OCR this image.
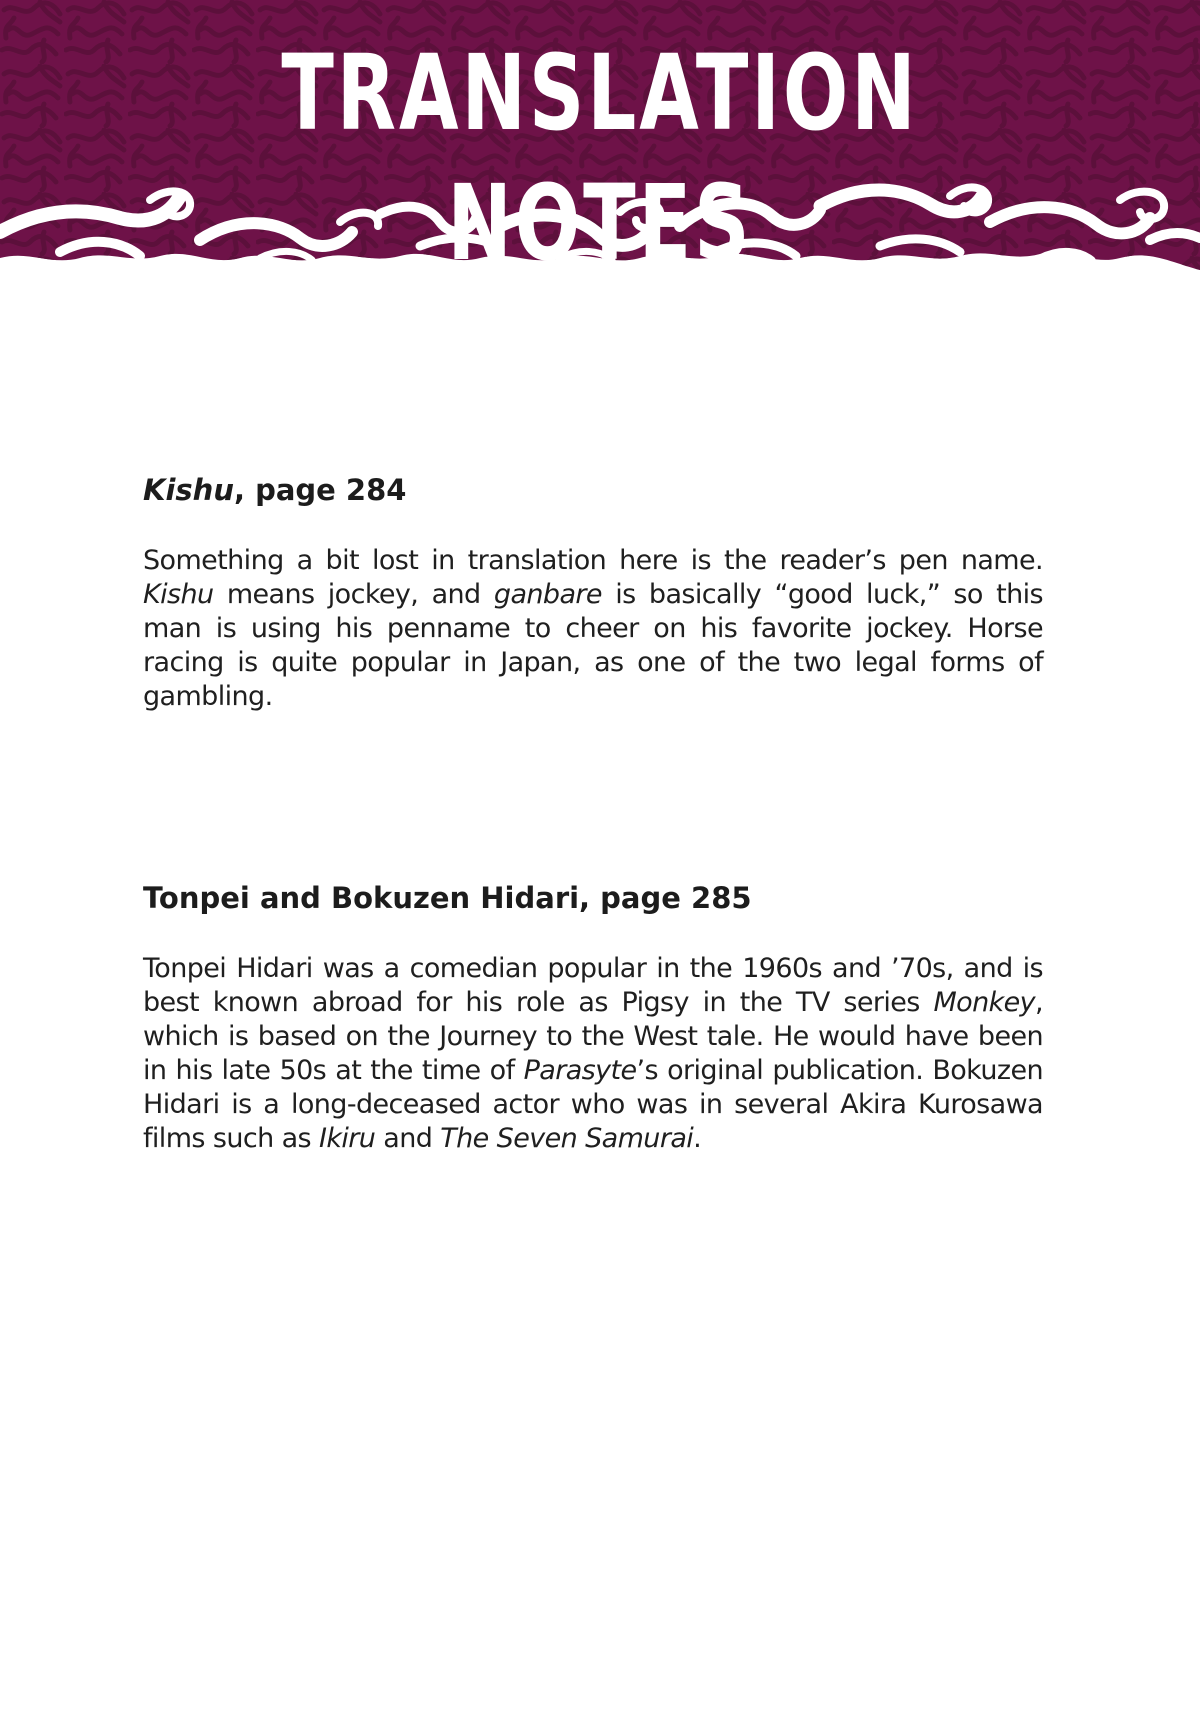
TRANSLATION NOTES
Kishu, page 284

Something a bit lost in translation here is the reader’s pen name. Kishu means jockey, and ganbare is basically “good luck,” so this man is using his penname to cheer on his favorite jockey. Horse racing is quite popular in Japan, as one of the two legal forms of gambling.

Tonpei and Bokuzen Hidari, page 285

Tonpei Hidari was a comedian popular in the 1960s and ’70s, and is best known abroad for his role as Pigsy in the TV series Monkey, which is based on the Journey to the West tale. He would have been in his late 50s at the time of Parasyte’s original publication. Bokuzen Hidari is a long-deceased actor who was in several Akira Kurosawa films such as Ikiru and The Seven Samurai.
